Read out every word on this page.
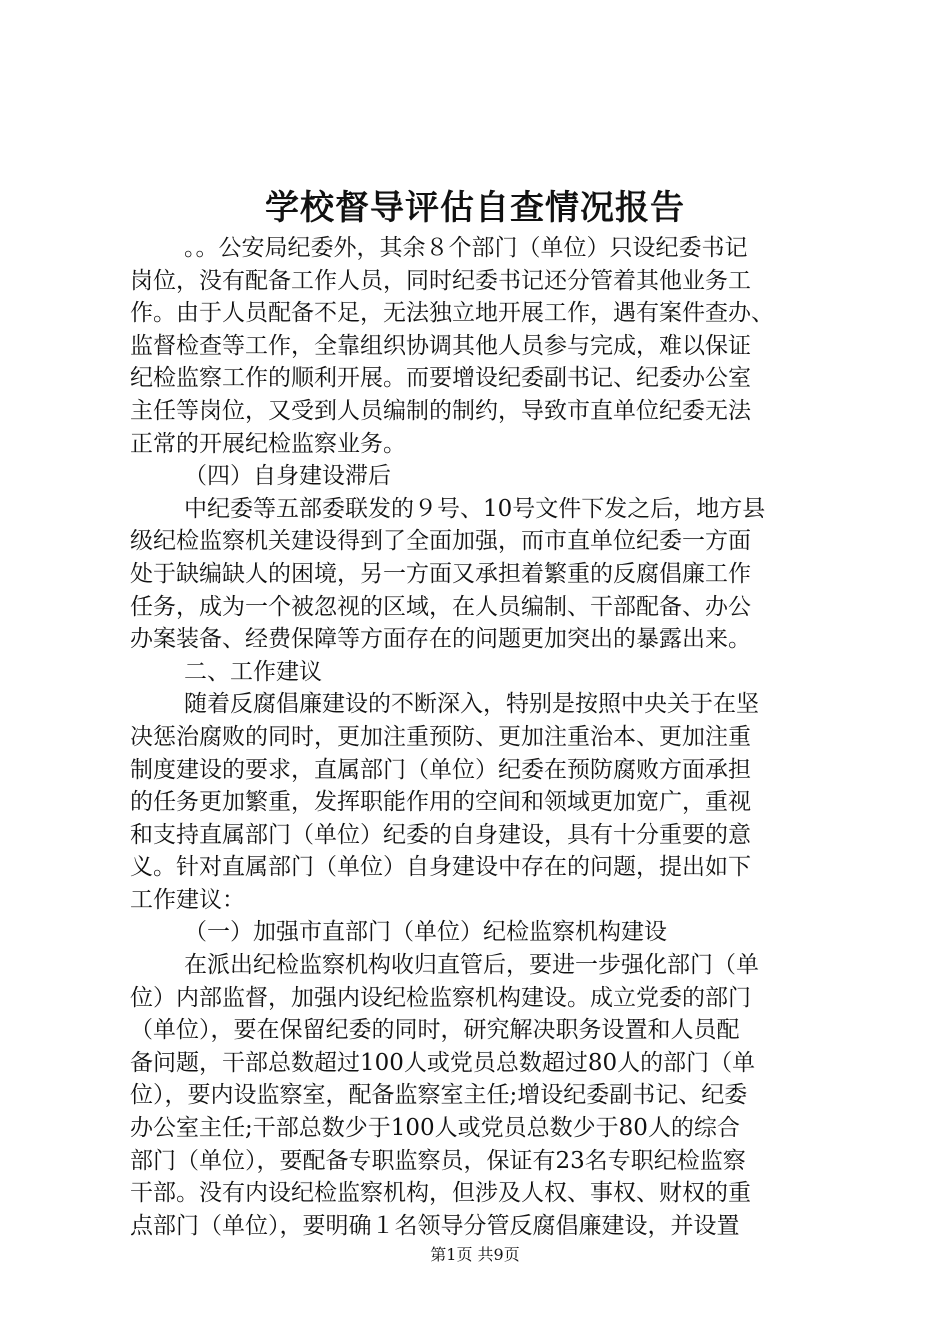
学校督导评估自查情况报告
。。公安局纪委外，其余８个部门（单位）只设纪委书记
岗位，没有配备工作人员，同时纪委书记还分管着其他业务工
作。由于人员配备不足，无法独立地开展工作，遇有案件查办、
监督检查等工作，全靠组织协调其他人员参与完成，难以保证
纪检监察工作的顺利开展。而要增设纪委副书记、纪委办公室
主任等岗位，又受到人员编制的制约，导致市直单位纪委无法
正常的开展纪检监察业务。
（四）自身建设滞后
中纪委等五部委联发的９号、10号文件下发之后，地方县
级纪检监察机关建设得到了全面加强，而市直单位纪委一方面
处于缺编缺人的困境，另一方面又承担着繁重的反腐倡廉工作
任务，成为一个被忽视的区域，在人员编制、干部配备、办公
办案装备、经费保障等方面存在的问题更加突出的暴露出来。
二、工作建议
随着反腐倡廉建设的不断深入，特别是按照中央关于在坚
决惩治腐败的同时，更加注重预防、更加注重治本、更加注重
制度建设的要求，直属部门（单位）纪委在预防腐败方面承担
的任务更加繁重，发挥职能作用的空间和领域更加宽广，重视
和支持直属部门（单位）纪委的自身建设，具有十分重要的意
义。针对直属部门（单位）自身建设中存在的问题，提出如下
工作建议：
（一）加强市直部门（单位）纪检监察机构建设
在派出纪检监察机构收归直管后，要进一步强化部门（单
位）内部监督，加强内设纪检监察机构建设。成立党委的部门
（单位），要在保留纪委的同时，研究解决职务设置和人员配
备问题，干部总数超过100人或党员总数超过80人的部门（单
位），要内设监察室，配备监察室主任;增设纪委副书记、纪委
办公室主任;干部总数少于100人或党员总数少于80人的综合
部门（单位），要配备专职监察员，保证有23名专职纪检监察
干部。没有内设纪检监察机构，但涉及人权、事权、财权的重
点部门（单位），要明确１名领导分管反腐倡廉建设，并设置
第1页 共9页
